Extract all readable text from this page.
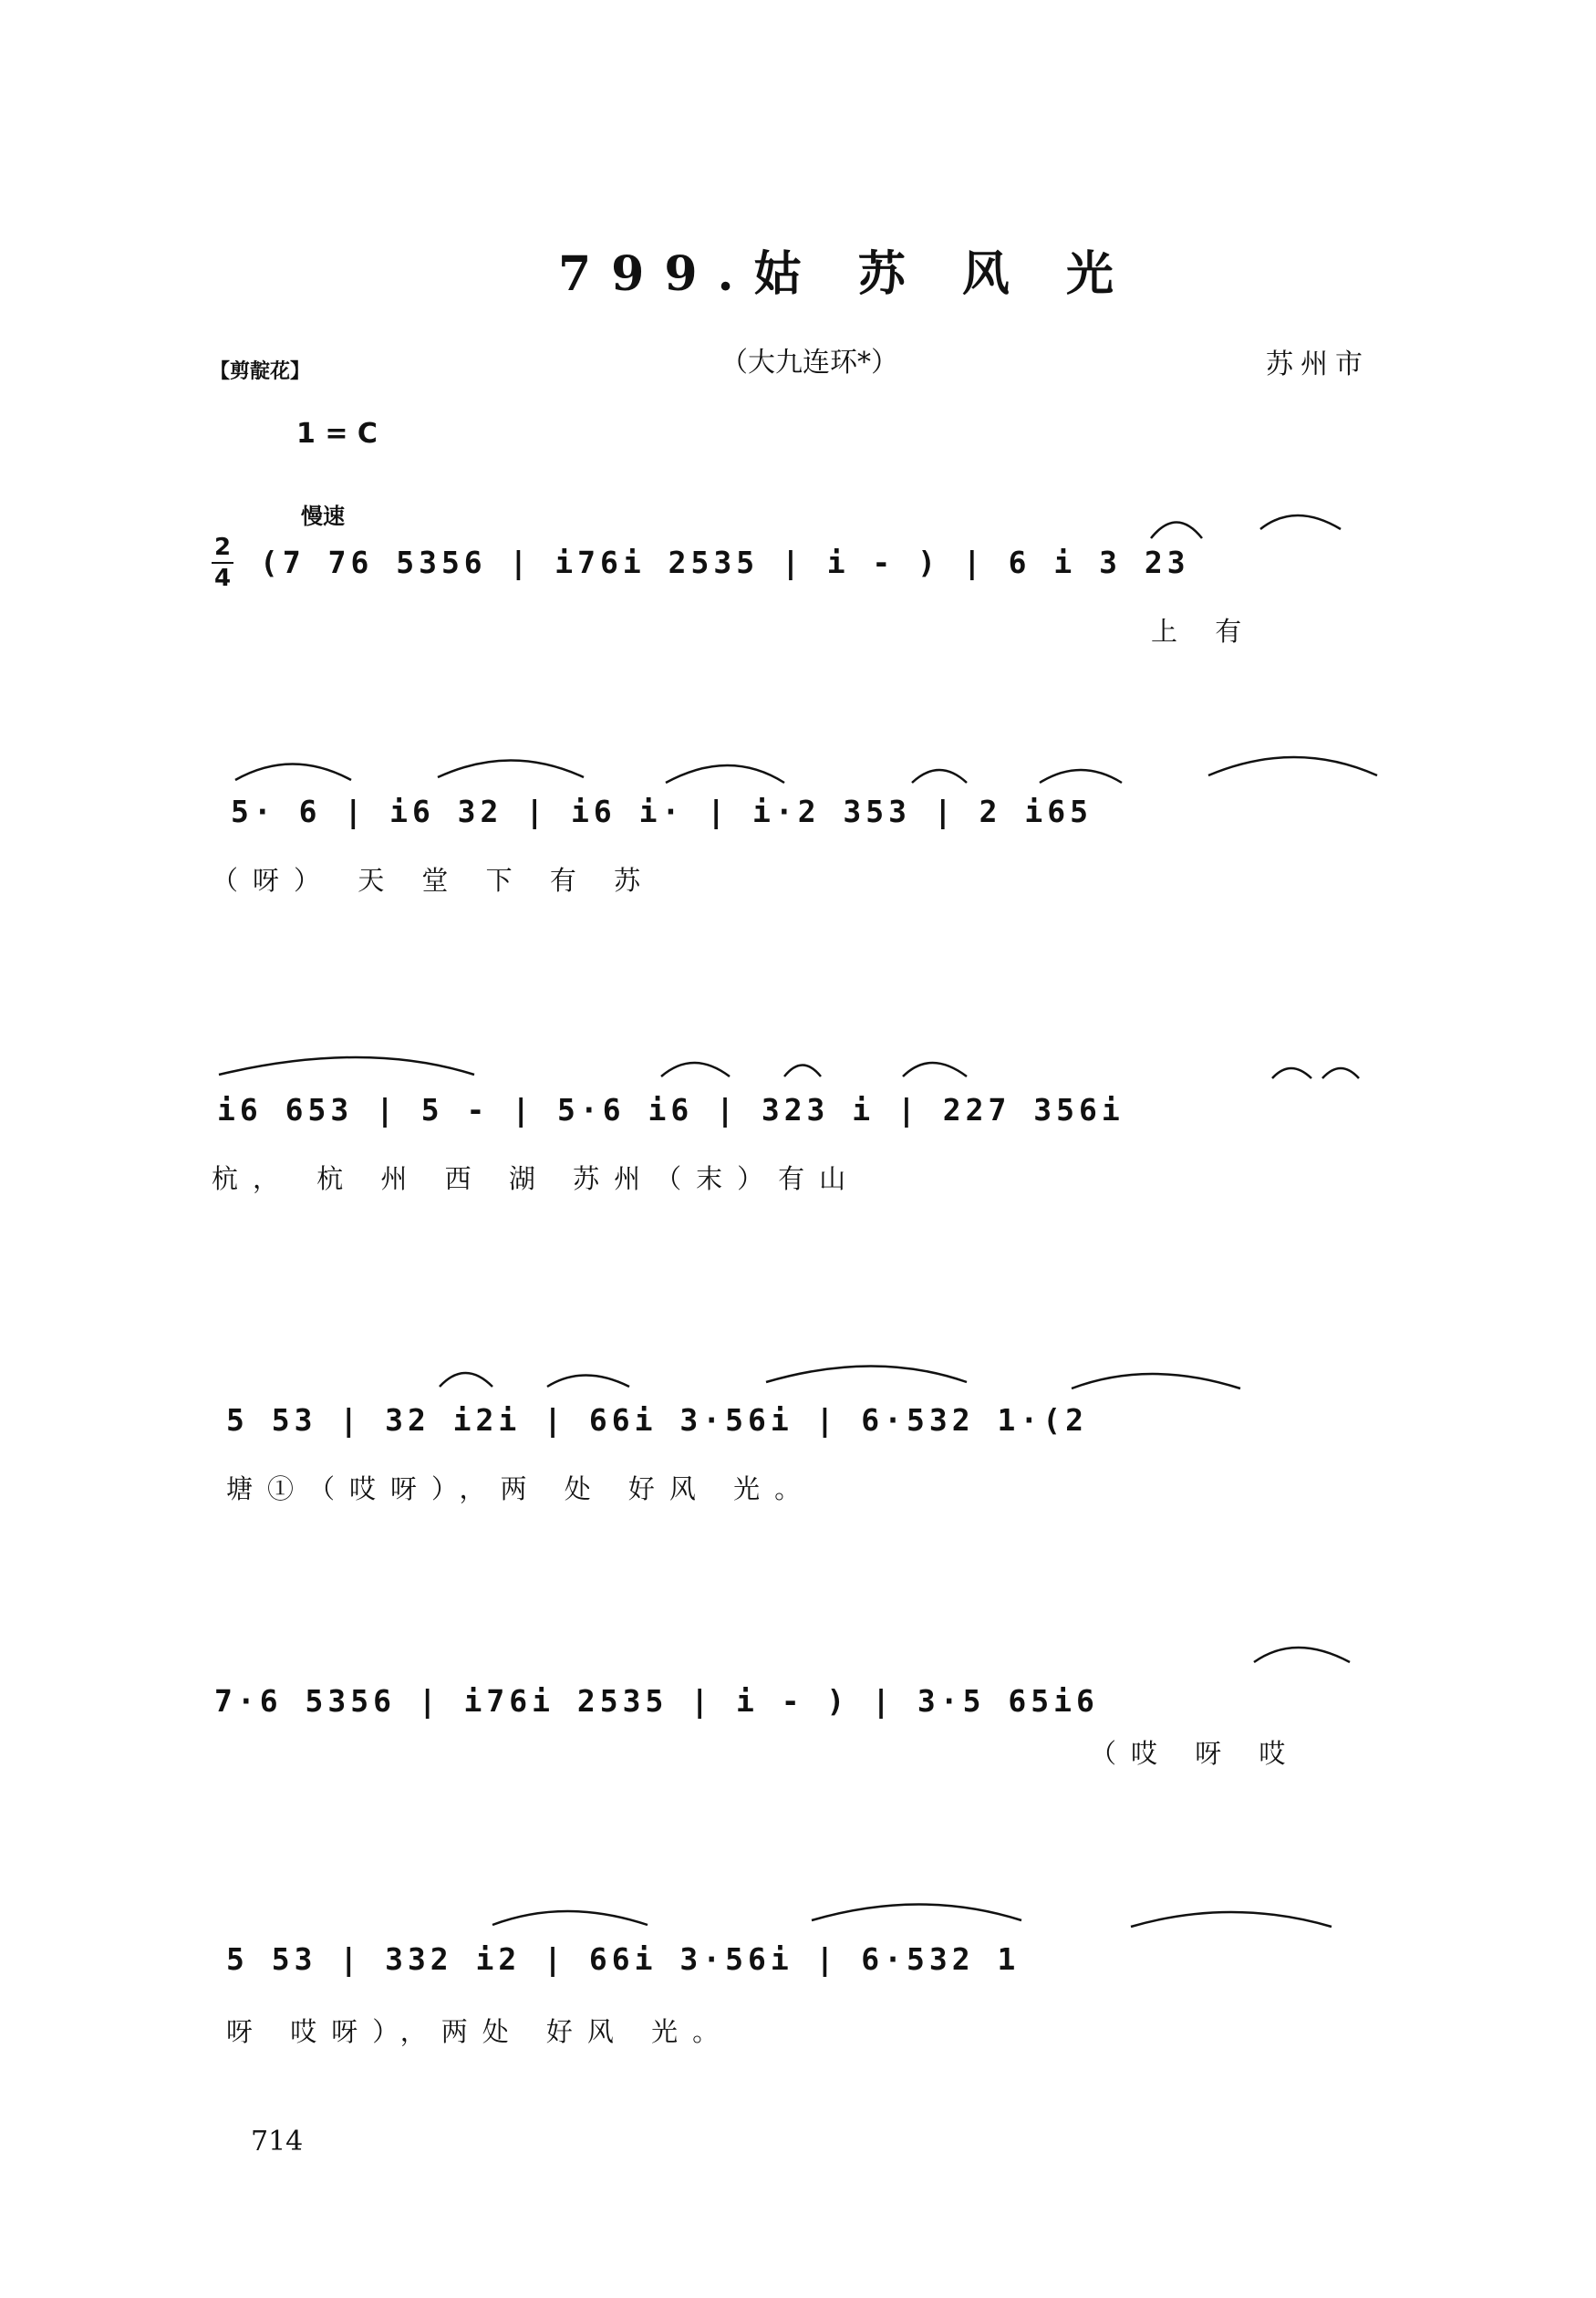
799.姑 苏 风 光
（大九连环*）	苏州市
【剪靛花】
1 = C
慢速
2
4 (7 76 5356 | i76i 2535 | i - ) | 6 i 3 23
上 有
5· 6 | i6 32 | i6 i· | i·2 353 | 2 i65
（呀） 天 堂 下 有 苏
i6 653 | 5 - | 5·6 i6 | 323 i | 227 356i
杭， 杭 州 西 湖 苏州（末）有山
5 53 | 32 i2i | 66i 3·56i | 6·532 1·(2
塘①（哎呀），两 处 好风 光。
7·6 5356 | i76i 2535 | i - ) | 3·5 65i6
（哎 呀 哎
5 53 | 332 i2 | 66i 3·56i | 6·532 1
呀 哎呀），两处 好风 光。
714
